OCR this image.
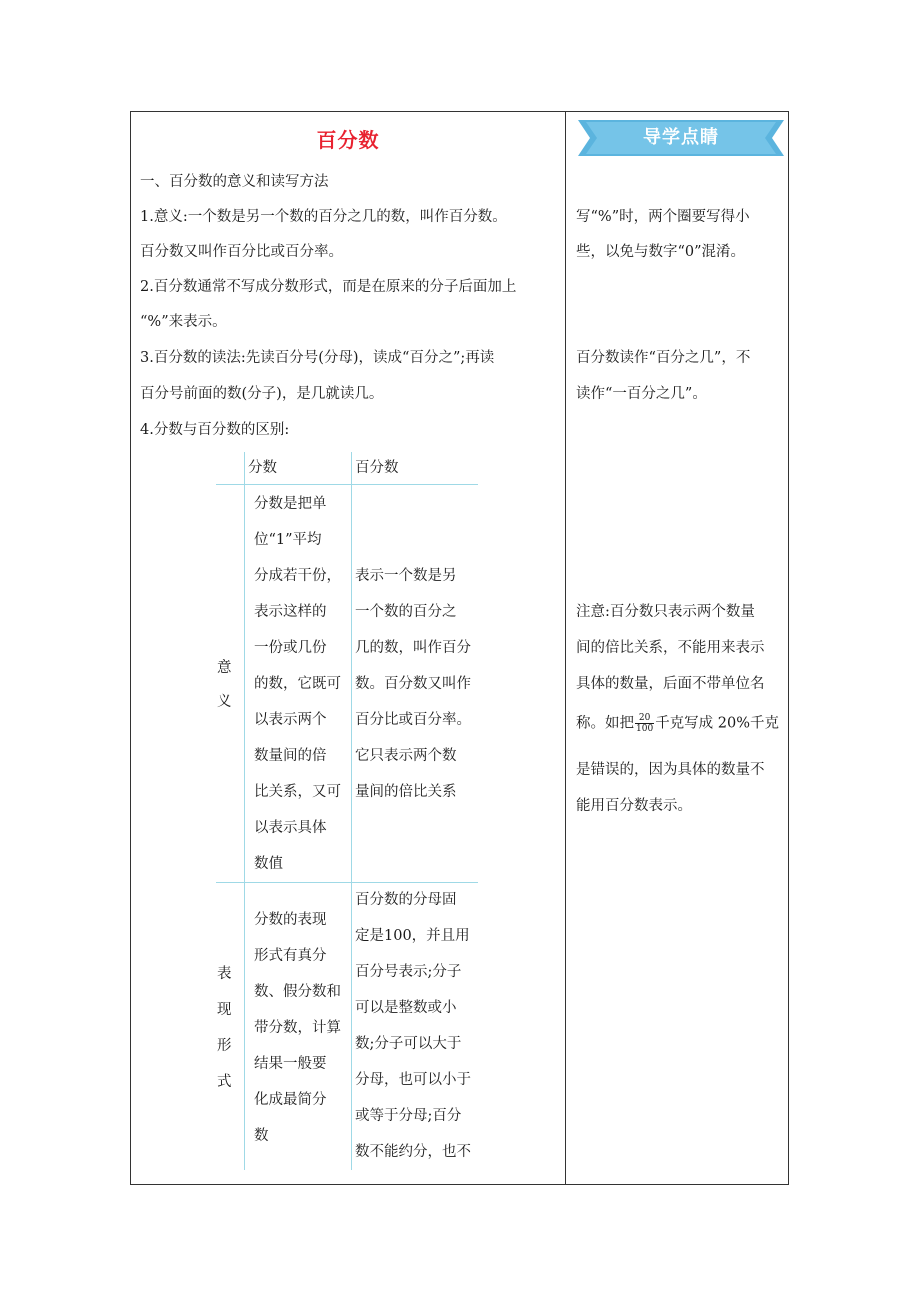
百分数	导学点睛
一、百分数的意义和读写方法
1.意义:一个数是另一个数的百分之几的数，叫作百分数。
百分数又叫作百分比或百分率。
2.百分数通常不写成分数形式，而是在原来的分子后面加上
“%”来表示。
3.百分数的读法:先读百分号(分母)，读成“百分之”;再读
百分号前面的数(分子)，是几就读几。
4.分数与百分数的区别:
分数	百分数
意
义
分数是把单
位“1”平均
分成若干份，
表示这样的
一份或几份
的数，它既可
以表示两个
数量间的倍
比关系，又可
以表示具体
数值
表示一个数是另
一个数的百分之
几的数，叫作百分
数。百分数又叫作
百分比或百分率。
它只表示两个数
量间的倍比关系
表
现
形
式
分数的表现
形式有真分
数、假分数和
带分数，计算
结果一般要
化成最简分
数
百分数的分母固
定是100，并且用
百分号表示;分子
可以是整数或小
数;分子可以大于
分母，也可以小于
或等于分母;百分
数不能约分，也不
写“%”时，两个圈要写得小
些，以免与数字“0”混淆。
百分数读作“百分之几”，不
读作“一百分之几”。
注意:百分数只表示两个数量
间的倍比关系，不能用来表示
具体的数量，后面不带单位名
称。如把 $\frac{20}{100}$ 千克写成 20%千克
是错误的，因为具体的数量不
能用百分数表示。
